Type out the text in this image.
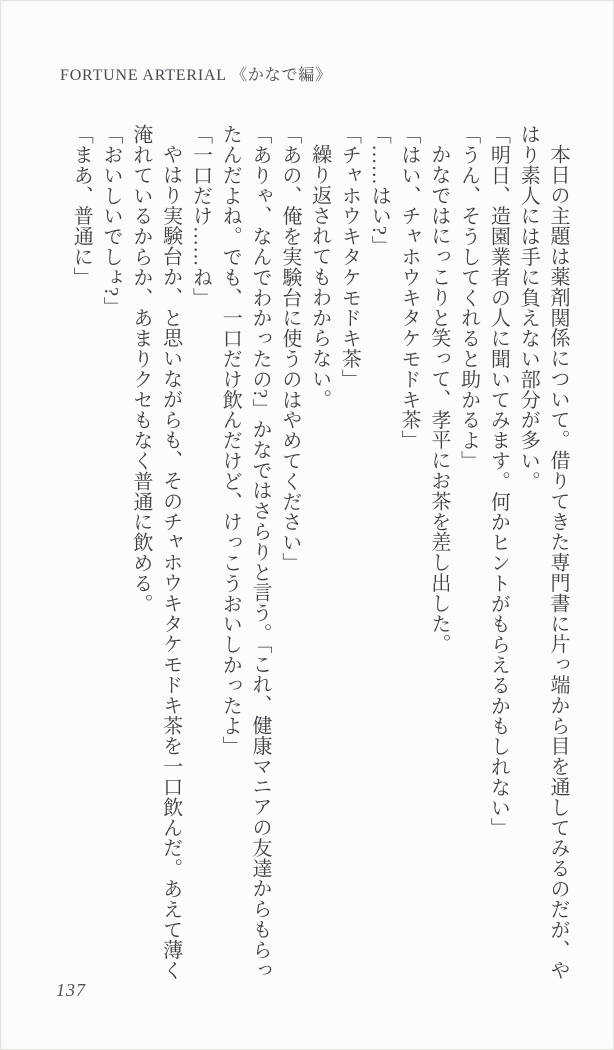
FORTUNE ARTERIAL 《かなで編》
本日の主題は薬剤関係について。借りてきた専門書に片っ端から目を通してみるのだが、や
はり素人には手に負えない部分が多い。
「明日、造園業者の人に聞いてみます。何かヒントがもらえるかもしれない」
「うん、そうしてくれると助かるよ」
かなではにっこりと笑って、孝平にお茶を差し出した。
「はい、チャホウキタケモドキ茶」
「……はい?」
「チャホウキタケモドキ茶」
繰り返されてもわからない。
「あの、俺を実験台に使うのはやめてください」
「ありゃ、なんでわかったの?」かなではさらりと言う。「これ、健康マニアの友達からもらっ
たんだよね。でも、一口だけ飲んだけど、けっこうおいしかったよ」
「一口だけ……ね」
やはり実験台か、と思いながらも、そのチャホウキタケモドキ茶を一口飲んだ。あえて薄く
淹れているからか、あまりクセもなく普通に飲める。
「おいしいでしょ?」
「まあ、普通に」
137
